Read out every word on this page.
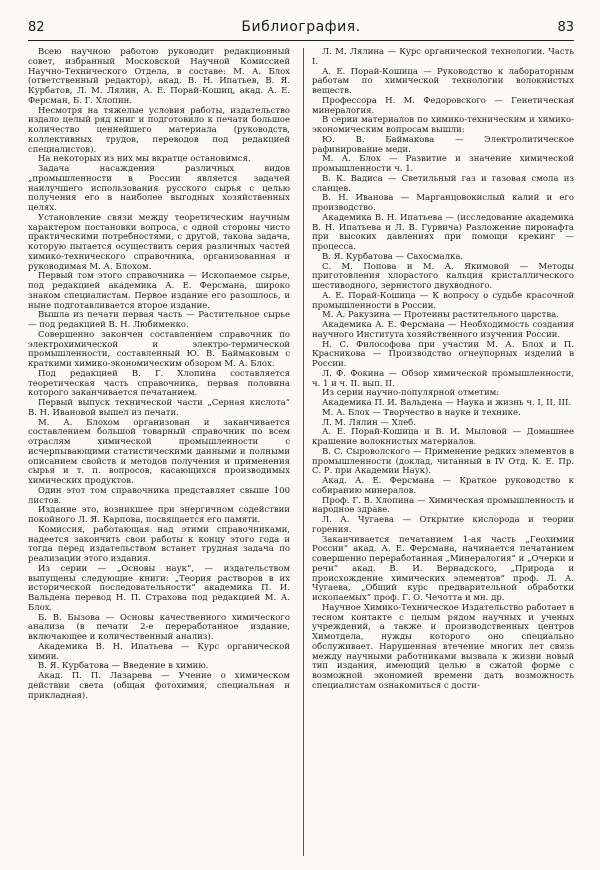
82	Библиография.	83

Всею научною работою руководит редакционный совет, избранный Московской Научной Комиссией Научно-Технического Отдела, в составе: М. А. Блох (ответственный редактор), акад. В. Н. Ипатьев, В. Я. Курбатов, Л. М. Лялин, А. Е. Порай-Кошиц, акад. А. Е. Ферсман, Б. Г. Хлопин.

Несмотря на тяжелые условия работы, издательство издало целый ряд книг и подготовило к печати большое количество ценнейшего материала (руководств, коллективных трудов, переводов под редакцией специалистов).

На некоторых из них мы вкратце остановимся.

Задача насаждения различных видов „промышленности в России является задачей наилучшего использования русского сырья с целью получения его в наиболее выгодных хозяйственных целях.

Установление связи между теоретическим научным характером постановки вопроса, с одной стороны чисто практическими потребностями, с другой, такова задача, которую пытается осуществить серия различных частей химико-технического справочника, организованная и руководимая М. А. Блохом.

Первый том этого справочника — Ископаемое сырье, под редакцией академика А. Е. Ферсмана, широко знаком специалистам. Первое издание его разошлось, и ныне подготавливается второе издание.

Вышла из печати первая часть — Растительное сырье — под редакцией В. Н. Любименко.

Совершенно закончен составлением справочник по электрохимической и электро-термической промышленности, составленный Ю. В. Баймаковым с краткими химико-экономическим обзором М. А. Блох.

Под редакцией В. Г. Хлопина составляется теоретическая часть справочника, первая половина которого заканчивается печатанием.

Первый выпуск технической части „Серная кислота“ В. Н. Ивановой вышел из печати.

М. А. Блохом организован и заканчивается составлением большой товарный справочник по всем отраслям химической промышленности с исчерпывающими статистическими данными и полными описанием свойств и методов получения и применения сырья и т. п. вопросов, касающихся производимых химических продуктов.

Один этот том справочника представляет свыше 100 листов.

Издание это, возникшее при энергичном содействии покойного Л. Я. Карпова, посвящается его памяти.

Комиссия, работающая над этими справочниками, надеется закончить свои работы к концу этого года и тогда перед издательством встанет трудная задача по реализации этого издания.

Из серии — „Основы наук“, — издательством выпущены следующие книги: „Теория растворов в их исторической последовательности“ академика П. И. Вальдена перевод Н. П. Страхова под редакцией М. А. Блох.

Б. В. Бызова — Основы качественного химического анализа (в печати 2-е переработанное издание, включающее и количественный анализ).

Академика В. Н. Ипатьева — Курс органической химии.

В. Я. Курбатова — Введение в химию.

Акад. П. П. Лазарева — Учение о химическом действии света (общая фотохимия, специальная и прикладная).

Л. М. Лялина — Курс органической технологии. Часть I.

А. Е. Порай-Кошица — Руководство к лабораторным работам по химической технологии волокнистых веществ.

Профессора Н. М. Федоровского — Генетическая минералогия.

В серии материалов по химико-техническим и химико-экономическим вопросам вышли:

Ю. В. Баймакова — Электролитическое рафинирование меди.

М. А. Блох — Развитие и значение химической промышленности ч. 1.

В. К. Вадиса — Светильный газ и газовая смола из сланцев.

В. Н. Иванова — Марганцовокислый калий и его производство.

Академика В. Н. Ипатьева — (исследование академика В. Н. Ипатьева и Л. В. Гурвича) Разложение пиронафта при высоких давлениях при помощи крекинг — процесса.

В. Я. Курбатова — Сахосмалка.

С. М. Попова и М. А. Якимовой — Методы приготовления хлорастого кальция кристаллического шестиводного, зернистого двухводного.

А. Е. Порай-Кошица — К вопросу о судьбе красочной промышленности в России.

М. А. Ракузина — Протеины растительного царства.

Академика А. Е. Ферсмана — Необходимость создания научного Института хозяйственного изучения России.

Н. С. Философова при участии М. А. Блох и П. Красникова — Производство огнеупорных изделий в России.

Л. Ф. Фокина — Обзор химической промышленности, ч. 1 и ч. II. вып. II.

Из серии научно-популярной отметим:

Академика П. И. Вальдена — Наука и жизнь ч. I, II, III.

М. А. Блох — Творчество в науке и технике.

Л. М. Лялин — Хлеб.

А. Е. Порай-Кошица и В. И. Мыловой — Домашнее крашение волокнистых материалов.

В. С. Сыроволского — Применение редких элементов в промышленности (доклад, читанный в IV Отд. К. Е. Пр. С. Р. при Академии Наук).

Акад. А. Е. Ферсмана — Краткое руководство к собиранию минералов.

Проф. Г. В. Хлопина — Химическая промышленность и народное здраве.

Л. А. Чугаева — Открытие кислорода и теории горения.

Заканчивается печатанием 1-ая часть „Геохимии России“ акад. А. Е. Ферсмана, начинается печатанием совершенно переработанная „Минералогия“ и „Очерки и речи“ акад. В. И. Вернадского, „Природа и происхождение химических элементов“ проф. Л. А. Чугаева, „Общий курс предварительной обработки ископаемых“ проф. Г. О. Чечотта и мн. др.

Научное Химико-Техническое Издательство работает в тесном контакте с целым рядом научных и ученых учреждений, а также и производственных центров Химотдела, нужды которого оно специально обслуживает. Нарушенная втечение многих лет связь между научными работниками вызвала к жизни новый тип издания, имеющий целью в сжатой форме с возможной экономией времени дать возможность специалистам ознакомиться с дости-
